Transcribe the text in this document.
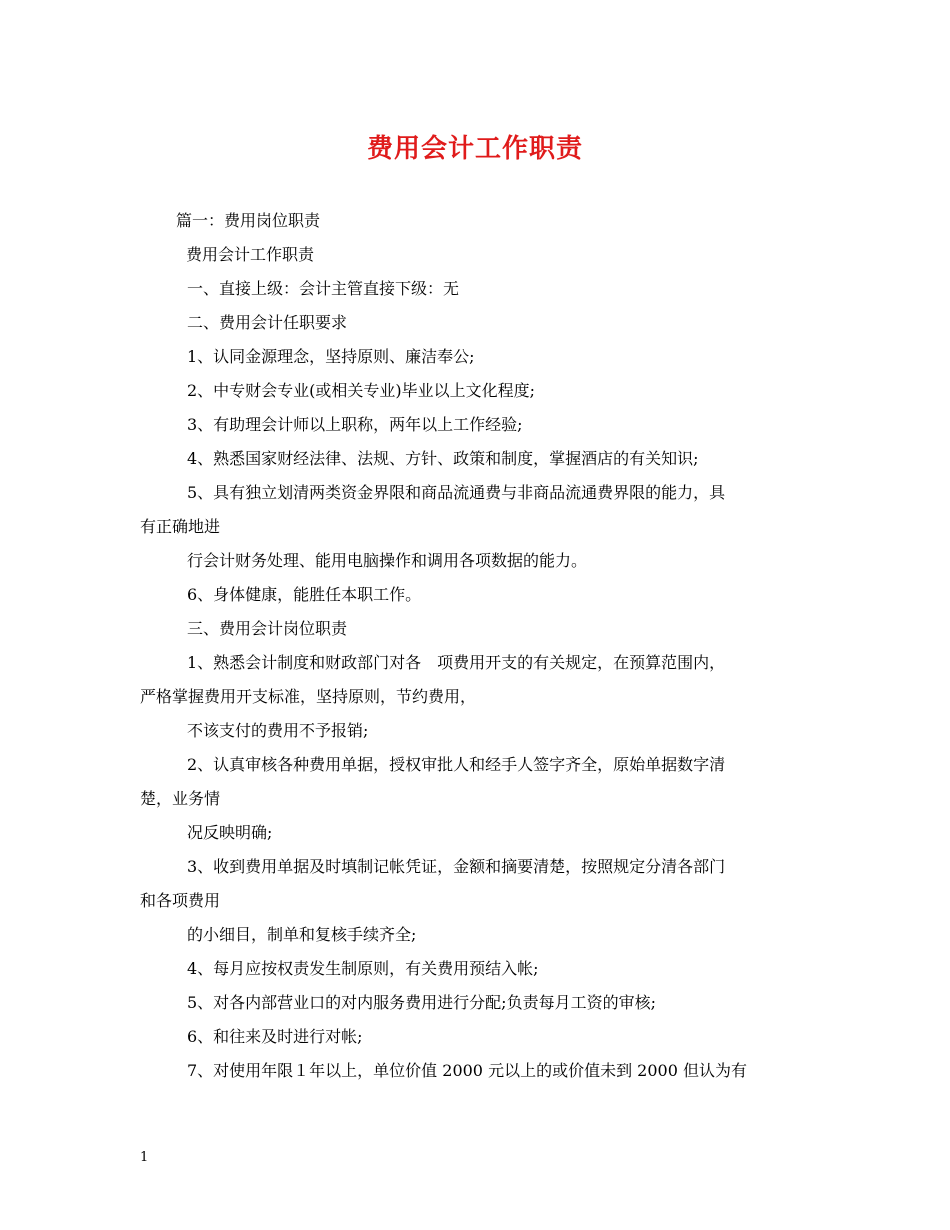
费用会计工作职责
篇一：费用岗位职责
费用会计工作职责
一、直接上级：会计主管直接下级：无
二、费用会计任职要求
1、认同金源理念，坚持原则、廉洁奉公;
2、中专财会专业(或相关专业)毕业以上文化程度;
3、有助理会计师以上职称，两年以上工作经验;
4、熟悉国家财经法律、法规、方针、政策和制度，掌握酒店的有关知识;
5、具有独立划清两类资金界限和商品流通费与非商品流通费界限的能力，具
有正确地进
行会计财务处理、能用电脑操作和调用各项数据的能力。
6、身体健康，能胜任本职工作。
三、费用会计岗位职责
1、熟悉会计制度和财政部门对各　项费用开支的有关规定，在预算范围内，
严格掌握费用开支标准，坚持原则，节约费用，
不该支付的费用不予报销;
2、认真审核各种费用单据，授权审批人和经手人签字齐全，原始单据数字清
楚，业务情
况反映明确;
3、收到费用单据及时填制记帐凭证，金额和摘要清楚，按照规定分清各部门
和各项费用
的小细目，制单和复核手续齐全;
4、每月应按权责发生制原则，有关费用预结入帐;
5、对各内部营业口的对内服务费用进行分配;负责每月工资的审核;
6、和往来及时进行对帐;
7、对使用年限１年以上，单位价值 2000 元以上的或价值未到 2000 但认为有
1
